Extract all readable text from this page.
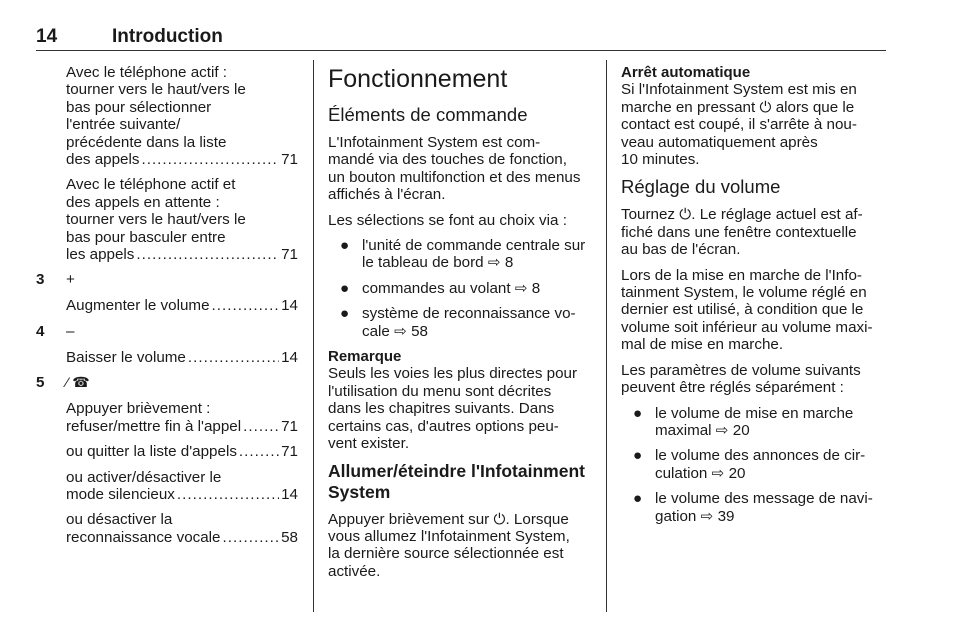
14	Introduction
Avec le téléphone actif :
tourner vers le haut/vers le
bas pour sélectionner
l'entrée suivante/
précédente dans la liste
des appels . . .	71
Avec le téléphone actif et
des appels en attente :
tourner vers le haut/vers le
bas pour basculer entre
les appels . . .	71
3 +
Augmenter le volume . . .	14
4 –
Baisser le volume . . .	14
5 ⁄ ☎
Appuyer brièvement :
refuser/mettre fin à l'appel . . .	71
ou quitter la liste d'appels . . .	71
ou activer/désactiver le
mode silencieux . . .	14
ou désactiver la
reconnaissance vocale . . .	58
Fonctionnement
Éléments de commande
L'Infotainment System est com-
mandé via des touches de fonction,
un bouton multifonction et des menus
affichés à l'écran.
Les sélections se font au choix via :
● l'unité de commande centrale sur
le tableau de bord ⇨ 8
● commandes au volant ⇨ 8
● système de reconnaissance vo-
cale ⇨ 58
Remarque
Seuls les voies les plus directes pour
l'utilisation du menu sont décrites
dans les chapitres suivants. Dans
certains cas, d'autres options peu-
vent exister.
Allumer/éteindre l'Infotainment
System
Appuyer brièvement sur ⏻. Lorsque
vous allumez l'Infotainment System,
la dernière source sélectionnée est
activée.
Arrêt automatique
Si l'Infotainment System est mis en
marche en pressant ⏻ alors que le
contact est coupé, il s'arrête à nou-
veau automatiquement après
10 minutes.
Réglage du volume
Tournez ⏻. Le réglage actuel est af-
fiché dans une fenêtre contextuelle
au bas de l'écran.
Lors de la mise en marche de l'Info-
tainment System, le volume réglé en
dernier est utilisé, à condition que le
volume soit inférieur au volume maxi-
mal de mise en marche.
Les paramètres de volume suivants
peuvent être réglés séparément :
● le volume de mise en marche
maximal ⇨ 20
● le volume des annonces de cir-
culation ⇨ 20
● le volume des message de navi-
gation ⇨ 39
